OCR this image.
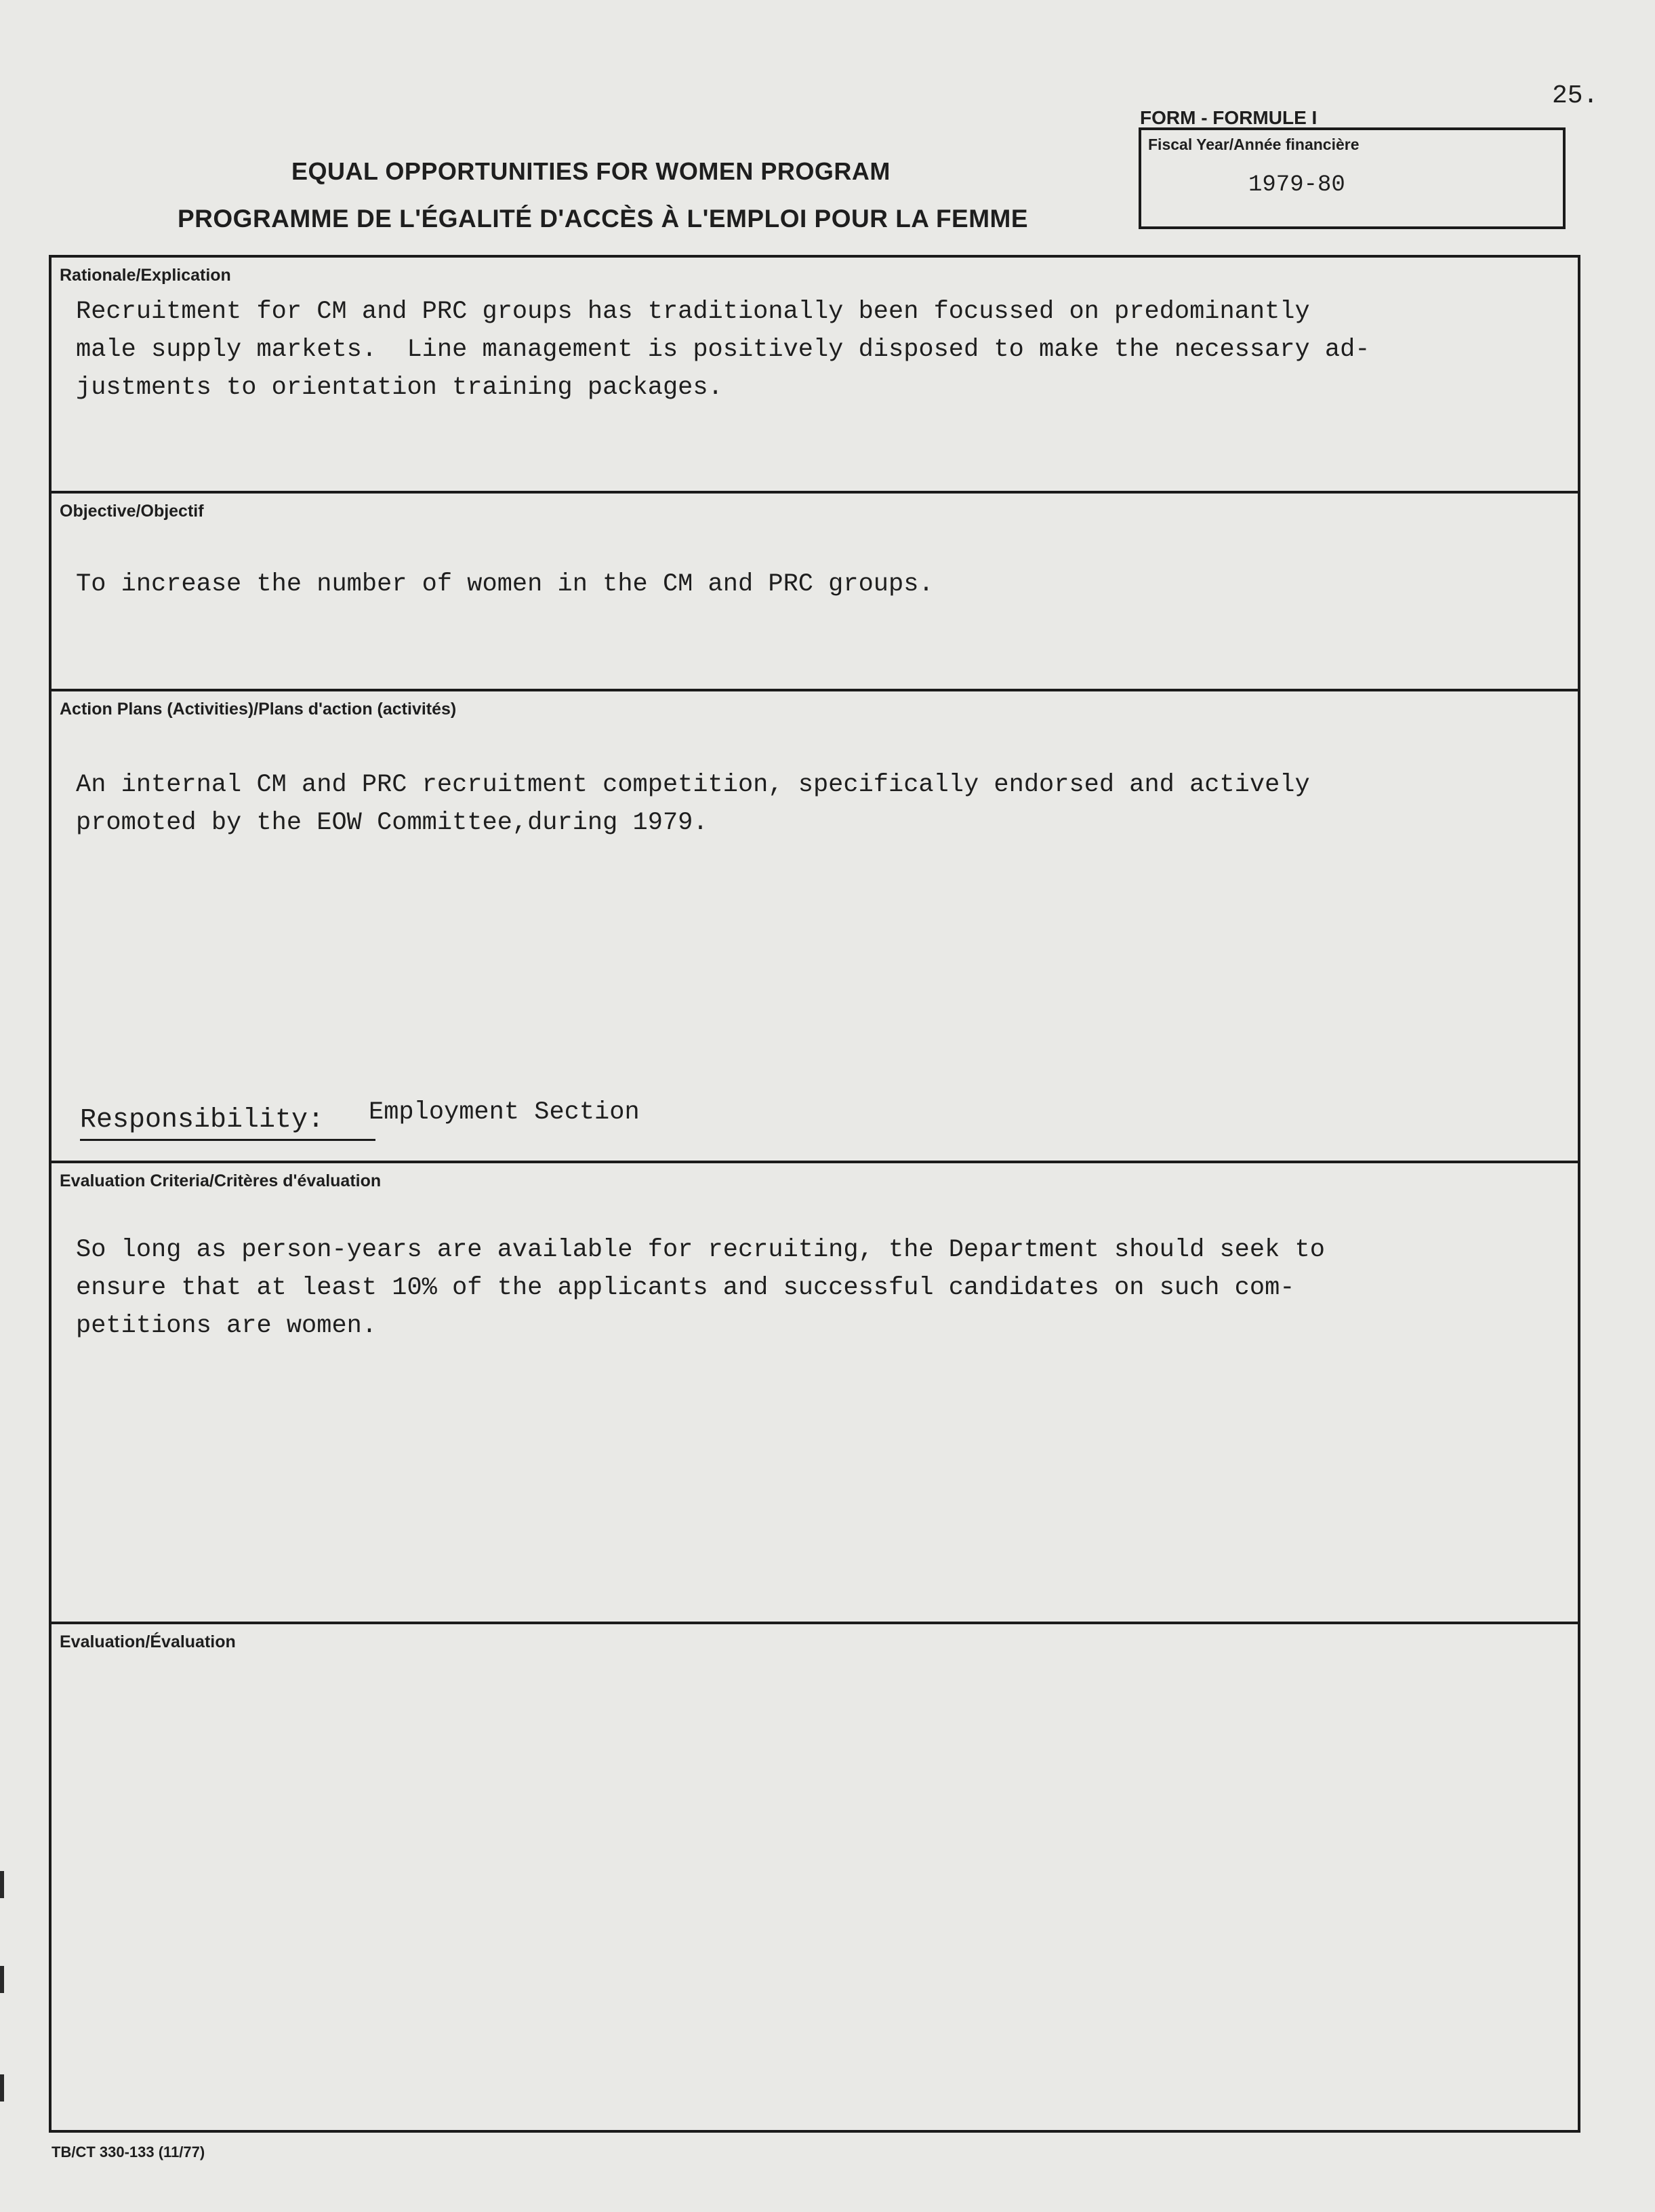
25.
EQUAL OPPORTUNITIES FOR WOMEN PROGRAM
PROGRAMME DE L'ÉGALITÉ D'ACCÈS À L'EMPLOI POUR LA FEMME
FORM - FORMULE I
Fiscal Year/Année financière
1979-80
Rationale/Explication
Recruitment for CM and PRC groups has traditionally been focussed on predominantly
male supply markets.  Line management is positively disposed to make the necessary ad-
justments to orientation training packages.
Objective/Objectif
To increase the number of women in the CM and PRC groups.
Action Plans (Activities)/Plans d'action (activités)
An internal CM and PRC recruitment competition, specifically endorsed and actively
promoted by the EOW Committee,during 1979.
Responsibility: Employment Section
Evaluation Criteria/Critères d'évaluation
So long as person-years are available for recruiting, the Department should seek to
ensure that at least 10% of the applicants and successful candidates on such com-
petitions are women.
Evaluation/Évaluation
TB/CT 330-133 (11/77)
